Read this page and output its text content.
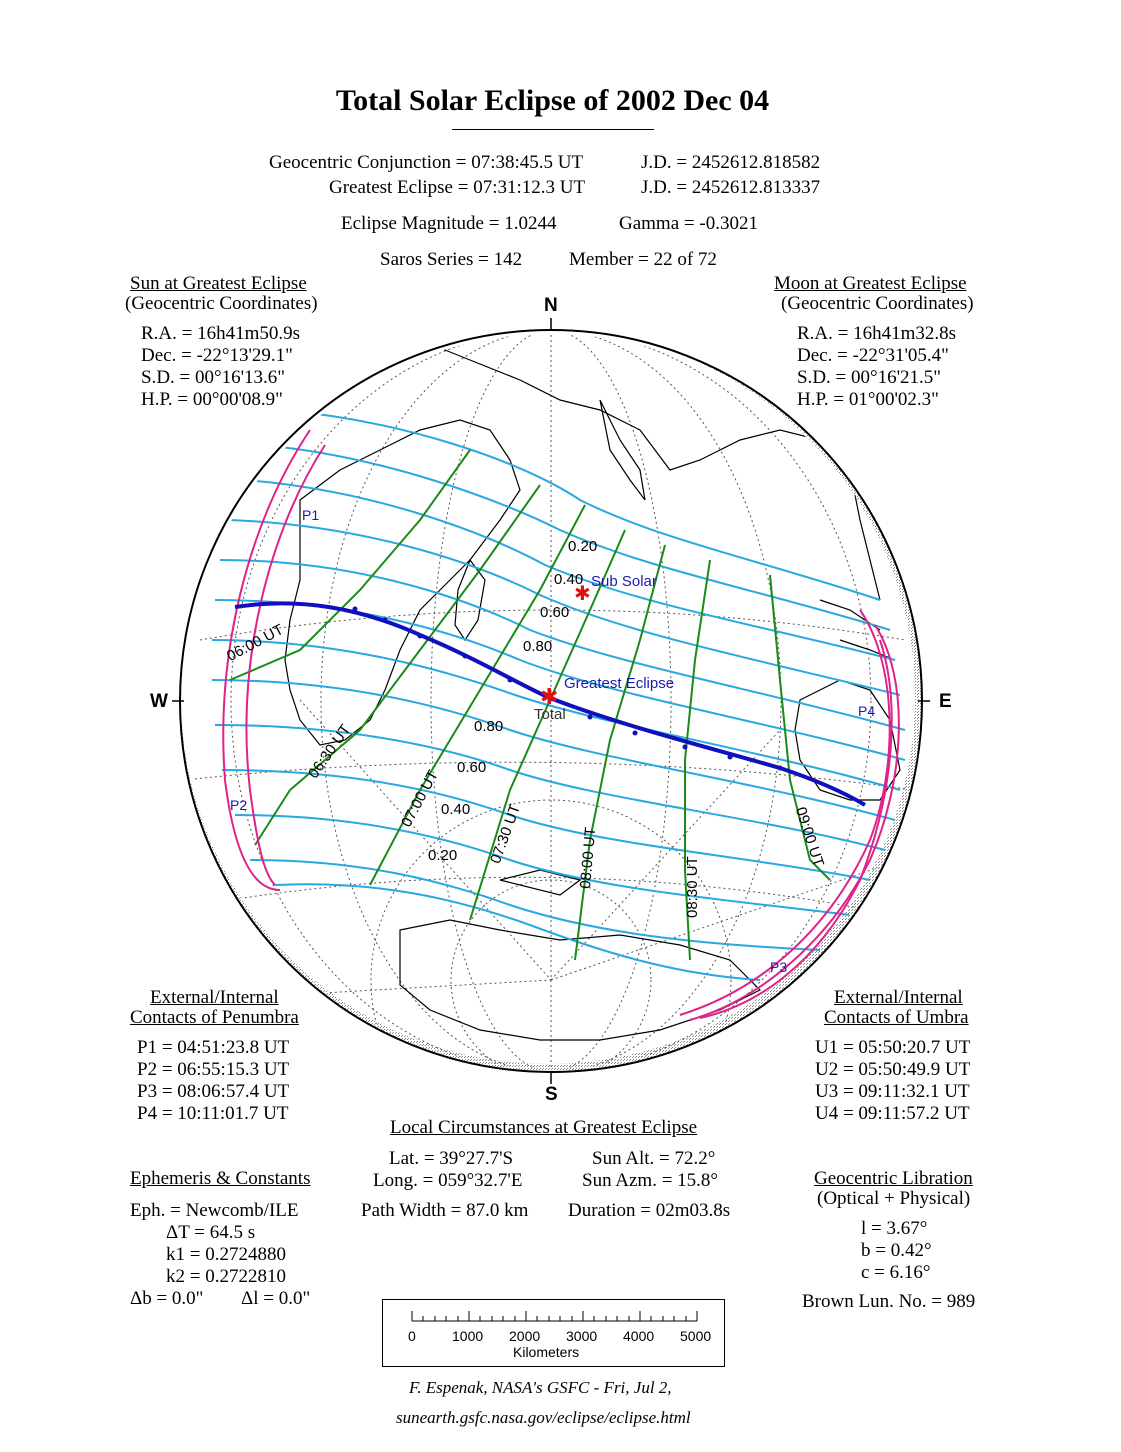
Total Solar Eclipse of 2002 Dec 04
Geocentric Conjunction = 07:38:45.5 UT	J.D. = 2452612.818582
Greatest Eclipse = 07:31:12.3 UT	J.D. = 2452612.813337
Eclipse Magnitude = 1.0244	Gamma = -0.3021
Saros Series = 142 Member = 22 of 72
Sun at Greatest Eclipse
(Geocentric Coordinates)
R.A. = 16h41m50.9s
Dec. = -22°13'29.1"
S.D. = 00°16'13.6"
H.P. = 00°00'08.9"
Moon at Greatest Eclipse
(Geocentric Coordinates)
R.A. = 16h41m32.8s
Dec. = -22°31'05.4"
S.D. = 00°16'21.5"
H.P. = 01°00'02.3"
N
S
W	E
P1
P2
P3
P4
✱ Sub Solar
✱
Greatest Eclipse
Total
0.20
0.40
0.60
0.80
0.80
0.60
0.40
0.20
06:00 UT
06:30 UT
07:00 UT
07:30 UT	08:00 UT	08:30 UT
09:00 UT
External/Internal
Contacts of Penumbra
P1 = 04:51:23.8 UT
P2 = 06:55:15.3 UT
P3 = 08:06:57.4 UT
P4 = 10:11:01.7 UT
External/Internal
Contacts of Umbra
U1 = 05:50:20.7 UT
U2 = 05:50:49.9 UT
U3 = 09:11:32.1 UT
U4 = 09:11:57.2 UT
Local Circumstances at Greatest Eclipse
Lat. = 39°27.7'S
Long. = 059°32.7'E
Sun Alt. = 72.2°
Sun Azm. = 15.8°
Path Width = 87.0 km Duration = 02m03.8s
Ephemeris & Constants
Eph. = Newcomb/ILE
ΔT = 64.5 s
k1 = 0.2724880
k2 = 0.2722810
Δb = 0.0" Δl = 0.0"
Geocentric Libration
(Optical + Physical)
l = 3.67°
b = 0.42°
c = 6.16°
Brown Lun. No. = 989
0	1000 2000 3000 4000 5000
Kilometers
F. Espenak, NASA's GSFC - Fri, Jul 2,
sunearth.gsfc.nasa.gov/eclipse/eclipse.html
